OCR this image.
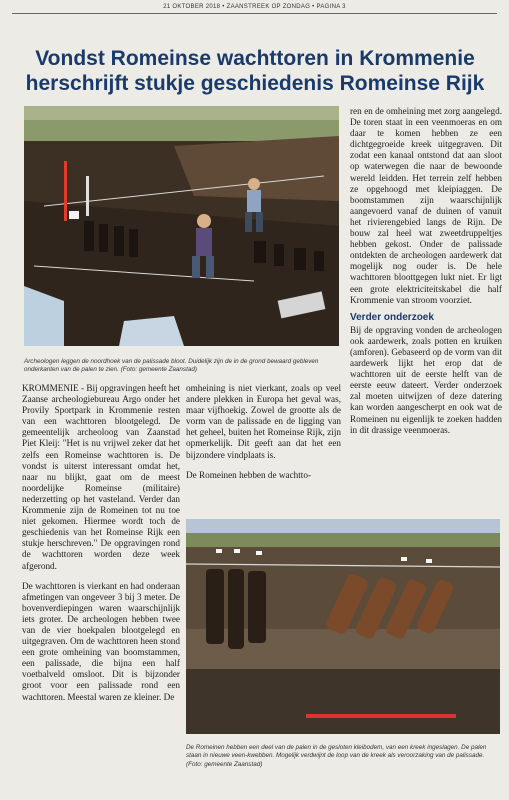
21 OKTOBER 2018 • ZAANSTREEK OP ZONDAG • PAGINA 3
Vondst Romeinse wachttoren in Krommenie herschrijft stukje geschiedenis Romeinse Rijk
Archeologen leggen de noordhoek van de palissade bloot. Duidelijk zijn de in de grond bewaard gebleven onderkanten van de palen te zien. (Foto: gemeente Zaanstad)

KROMMENIE - Bij opgravingen heeft het Zaanse archeologiebureau Argo onder het Provily Sportpark in Krommenie resten van een wachttoren blootgelegd. De gemeentelijk archeoloog van Zaanstad Piet Kleij: "Het is nu vrijwel zeker dat het zelfs een Romeinse wachttoren is. De vondst is uiterst interessant omdat het, naar nu blijkt, gaat om de meest noordelijke Romeinse (militaire) nederzetting op het vasteland. Verder dan Krommenie zijn de Romeinen tot nu toe niet gekomen. Hiermee wordt toch de geschiedenis van het Romeinse Rijk een stukje herschreven." De opgravingen rond de wachttoren worden deze week afgerond.

De wachttoren is vierkant en had onderaan afmetingen van ongeveer 3 bij 3 meter. De bovenverdiepingen waren waarschijnlijk iets groter. De archeologen hebben twee van de vier hoekpalen blootgelegd en uitgegraven. Om de wachttoren heen stond een grote omheining van boomstammen, een palissade, die bijna een half voetbalveld omsloot. Dit is bijzonder groot voor een palissade rond een wachttoren. Meestal waren ze kleiner. De

omheining is niet vierkant, zoals op veel andere plekken in Europa het geval was, maar vijfhoekig. Zowel de grootte als de vorm van de palissade en de ligging van het geheel, buiten het Romeinse Rijk, zijn opmerkelijk. Dit geeft aan dat het een bijzondere vindplaats is.

De Romeinen hebben de wachtto-

ren en de omheining met zorg aangelegd. De toren staat in een veenmoeras en om daar te komen hebben ze een dichtgegroeide kreek uitgegraven. Dit zodat een kanaal ontstond dat aan sloot op waterwegen die naar de bewoonde wereld leidden. Het terrein zelf hebben ze opgehoogd met kleipiaggen. De boomstammen zijn waarschijnlijk aangevoerd vanaf de duinen of vanuit het rivierengebied langs de Rijn. De bouw zal heel wat zweetdruppeltjes hebben gekost. Onder de palissade ontdekten de archeologen aardewerk dat mogelijk nog ouder is. De hele wachttoren bloottgegen lukt niet. Er ligt een grote elektriciteitskabel die half Krommenie van stroom voorziet.

Verder onderzoek

Bij de opgraving vonden de archeologen ook aardewerk, zoals potten en kruiken (amforen). Gebaseerd op de vorm van dit aardewerk lijkt het erop dat de wachttoren uit de eerste helft van de eerste eeuw dateert. Verder onderzoek zal moeten uitwijzen of deze datering kan worden aangescherpt en ook wat de Romeinen nu eigenlijk te zoeken hadden in dit drassige veenmoeras.

De Romeinen hebben een deel van de palen in de gesloten kleibodem, van een kreek ingeslagen. De palen staan in nieuwe veen-kwebben. Mogelijk verdwijnt de loop van de kreek als veroorzaking van de palissade. (Foto: gemeente Zaanstad)
